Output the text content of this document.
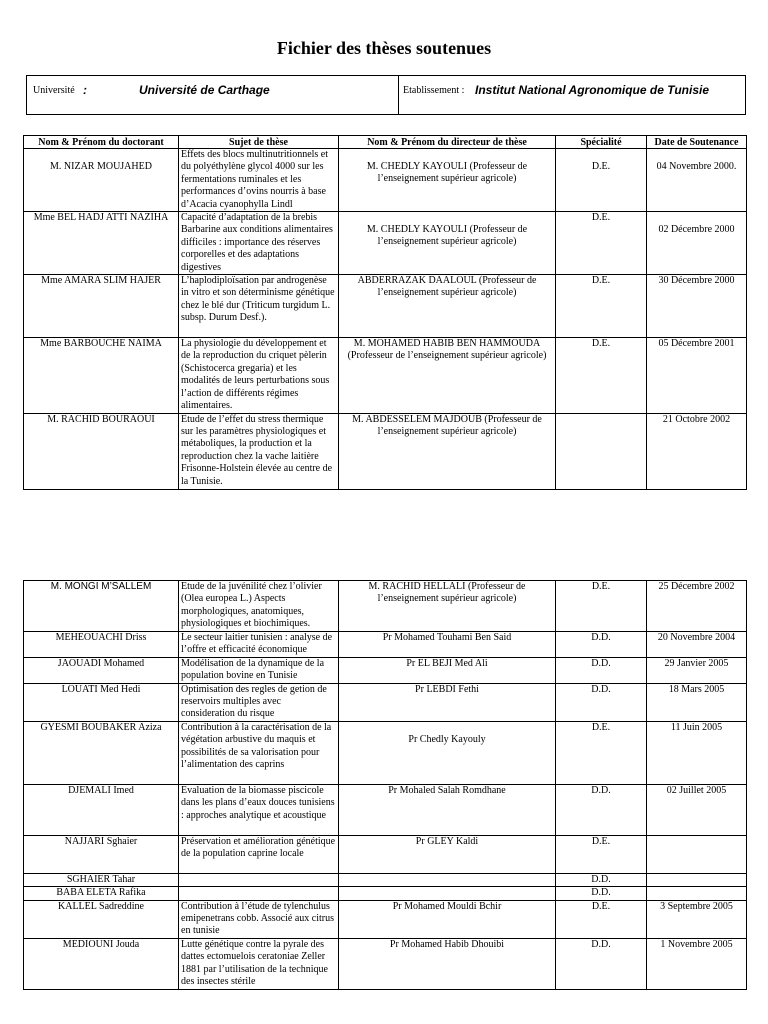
Fichier des thèses soutenues
Université :	Université de Carthage	Etablissement : Institut National Agronomique de Tunisie
Nom & Prénom du doctorant	Sujet de thèse	Nom & Prénom du directeur de thèse	Spécialité	Date de Soutenance
M. NIZAR MOUJAHED	Effets des blocs multinutritionnels et du polyéthylène glycol 4000 sur les fermentations ruminales et les performances d’ovins nourris à base d’Acacia cyanophylla Lindl	M. CHEDLY KAYOULI (Professeur de l’enseignement supérieur agricole)	D.E.	04 Novembre 2000.
Mme BEL HADJ ATTI NAZIHA	Capacité d’adaptation de la brebis Barbarine aux conditions alimentaires difficiles : importance des réserves corporelles et des adaptations digestives	M. CHEDLY KAYOULI (Professeur de l’enseignement supérieur agricole)	D.E.	02 Décembre 2000
Mme AMARA SLIM HAJER	L’haplodiploïsation par androgenèse in vitro et son déterminisme génétique chez le blé dur (Triticum turgidum L. subsp. Durum Desf.).	ABDERRAZAK DAALOUL (Professeur de l’enseignement supérieur agricole)	D.E.	30 Décembre 2000
Mme BARBOUCHE NAIMA	La physiologie du développement et de la reproduction du criquet pèlerin (Schistocerca gregaria) et les modalités de leurs perturbations sous l’action de différents régimes alimentaires.	M. MOHAMED HABIB BEN HAMMOUDA (Professeur de l’enseignement supérieur agricole)	D.E.	05 Décembre 2001
M. RACHID BOURAOUI	Etude de l’effet du stress thermique sur les paramètres physiologiques et métaboliques, la production et la reproduction chez la vache laitière Frisonne-Holstein élevée au centre de la Tunisie.	M. ABDESSELEM MAJDOUB (Professeur de l’enseignement supérieur agricole)		21 Octobre 2002
M. MONGI M’SALLEM	Etude de la juvénilité chez l’olivier (Olea europea L.) Aspects morphologiques, anatomiques, physiologiques et biochimiques.	M. RACHID HELLALI (Professeur de l’enseignement supérieur agricole)	D.E.	25 Décembre 2002
MEHEOUACHI Driss	Le secteur laitier tunisien : analyse de l’offre et efficacité économique	Pr Mohamed Touhami Ben Said	D.D.	20 Novembre 2004
JAOUADI Mohamed	Modélisation de la dynamique de la population bovine en Tunisie	Pr EL BEJI Med Ali	D.D.	29 Janvier 2005
LOUATI Med Hedi	Optimisation des regles de getion de reservoirs multiples avec consideration du risque	Pr LEBDI Fethi	D.D.	18 Mars 2005
GYESMI BOUBAKER Aziza	Contribution à la caractérisation de la végétation arbustive du maquis et possibilités de sa valorisation pour l’alimentation des caprins	Pr Chedly Kayouly	D.E.	11 Juin 2005
DJEMALI Imed	Evaluation de la biomasse piscicole dans les plans d’eaux douces tunisiens : approches analytique et acoustique	Pr Mohaled Salah Romdhane	D.D.	02 Juillet 2005
NAJJARI Sghaier	Préservation et amélioration génétique de la population caprine locale	Pr GLEY Kaldi	D.E.	
SGHAIER Tahar			D.D.	
BABA ELETA Rafika			D.D.	
KALLEL Sadreddine	Contribution à l’étude de tylenchulus emipenetrans cobb. Associé aux citrus en tunisie	Pr Mohamed Mouldi Bchir	D.E.	3 Septembre 2005
MEDIOUNI Jouda	Lutte génétique contre la pyrale des dattes ectomuelois ceratoniae Zeller 1881 par l’utilisation de la technique des insectes stérile	Pr Mohamed Habib Dhouibi	D.D.	1 Novembre 2005
